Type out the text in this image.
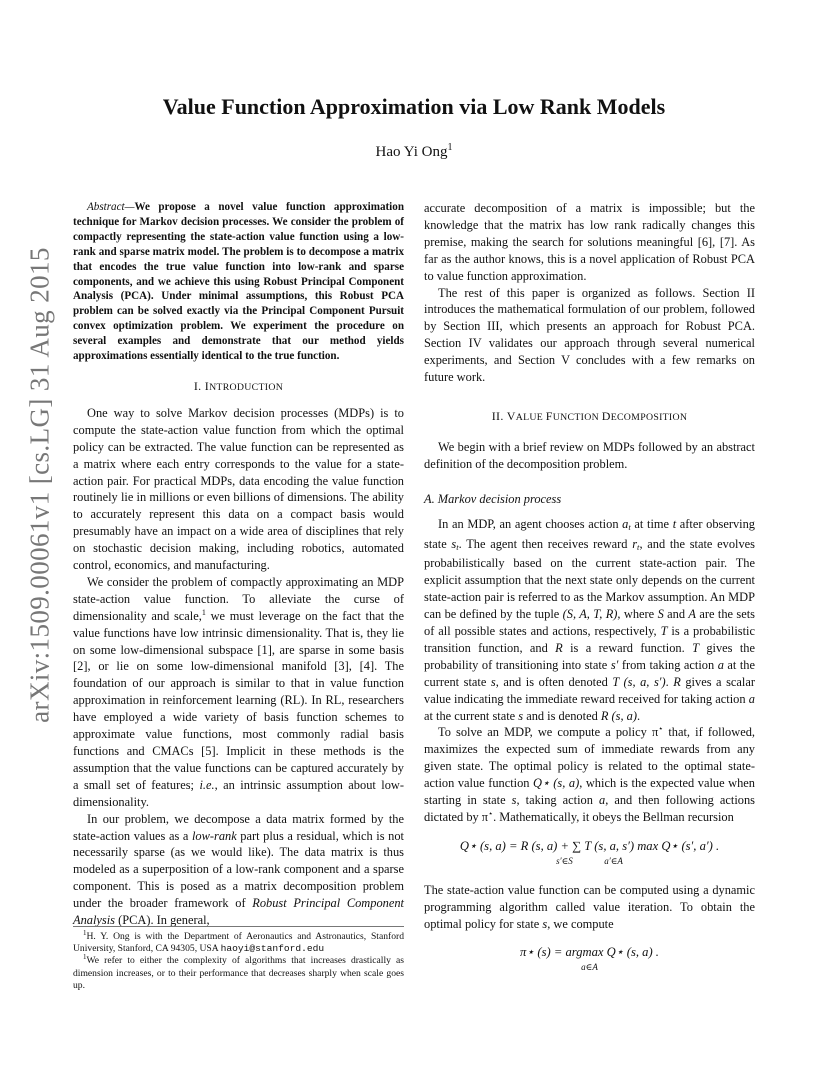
arXiv:1509.00061v1 [cs.LG] 31 Aug 2015
Value Function Approximation via Low Rank Models
Hao Yi Ong$^1$

Abstract—We propose a novel value function approximation technique for Markov decision processes. We consider the problem of compactly representing the state-action value function using a low-rank and sparse matrix model. The problem is to decompose a matrix that encodes the true value function into low-rank and sparse components, and we achieve this using Robust Principal Component Analysis (PCA). Under minimal assumptions, this Robust PCA problem can be solved exactly via the Principal Component Pursuit convex optimization problem. We experiment the procedure on several examples and demonstrate that our method yields approximations essentially identical to the true function.

I. INTRODUCTION

One way to solve Markov decision processes (MDPs) is to compute the state-action value function from which the optimal policy can be extracted. The value function can be represented as a matrix where each entry corresponds to the value for a state-action pair. For practical MDPs, data encoding the value function routinely lie in millions or even billions of dimensions. The ability to accurately represent this data on a compact basis would presumably have an impact on a wide area of disciplines that rely on stochastic decision making, including robotics, automated control, economics, and manufacturing.

We consider the problem of compactly approximating an MDP state-action value function. To alleviate the curse of dimensionality and scale,$^1$ we must leverage on the fact that the value functions have low intrinsic dimensionality. That is, they lie on some low-dimensional subspace [1], are sparse in some basis [2], or lie on some low-dimensional manifold [3], [4]. The foundation of our approach is similar to that in value function approximation in reinforcement learning (RL). In RL, researchers have employed a wide variety of basis function schemes to approximate value functions, most commonly radial basis functions and CMACs [5]. Implicit in these methods is the assumption that the value functions can be captured accurately by a small set of features; i.e., an intrinsic assumption about low-dimensionality.

In our problem, we decompose a data matrix formed by the state-action values as a low-rank part plus a residual, which is not necessarily sparse (as we would like). The data matrix is thus modeled as a superposition of a low-rank component and a sparse component. This is posed as a matrix decomposition problem under the broader framework of Robust Principal Component Analysis (PCA). In general,

$^1$H. Y. Ong is with the Department of Aeronautics and Astronautics, Stanford University, Stanford, CA 94305, USA haoyi@stanford.edu

$^1$We refer to either the complexity of algorithms that increases drastically as dimension increases, or to their performance that decreases sharply when scale goes up.

accurate decomposition of a matrix is impossible; but the knowledge that the matrix has low rank radically changes this premise, making the search for solutions meaningful [6], [7]. As far as the author knows, this is a novel application of Robust PCA to value function approximation.

The rest of this paper is organized as follows. Section II introduces the mathematical formulation of our problem, followed by Section III, which presents an approach for Robust PCA. Section IV validates our approach through several numerical experiments, and Section V concludes with a few remarks on future work.

II. VALUE FUNCTION DECOMPOSITION

We begin with a brief review on MDPs followed by an abstract definition of the decomposition problem.

A. Markov decision process

In an MDP, an agent chooses action at at time t after observing state st. The agent then receives reward rt, and the state evolves probabilistically based on the current state-action pair. The explicit assumption that the next state only depends on the current state-action pair is referred to as the Markov assumption. An MDP can be defined by the tuple (S, A, T, R), where S and A are the sets of all possible states and actions, respectively, T is a probabilistic transition function, and R is a reward function. T gives the probability of transitioning into state s′ from taking action a at the current state s, and is often denoted T (s, a, s′). R gives a scalar value indicating the immediate reward received for taking action a at the current state s and is denoted R (s, a).

To solve an MDP, we compute a policy π⋆ that, if followed, maximizes the expected sum of immediate rewards from any given state. The optimal policy is related to the optimal state-action value function Q⋆ (s, a), which is the expected value when starting in state s, taking action a, and then following actions dictated by π⋆. Mathematically, it obeys the Bellman recursion

Q⋆ (s, a) = R (s, a) + ∑ T (s, a, s′) max Q⋆ (s′, a′) .
s′∈S	a′∈A

The state-action value function can be computed using a dynamic programming algorithm called value iteration. To obtain the optimal policy for state s, we compute

π⋆ (s) = argmax Q⋆ (s, a) .
a∈A
